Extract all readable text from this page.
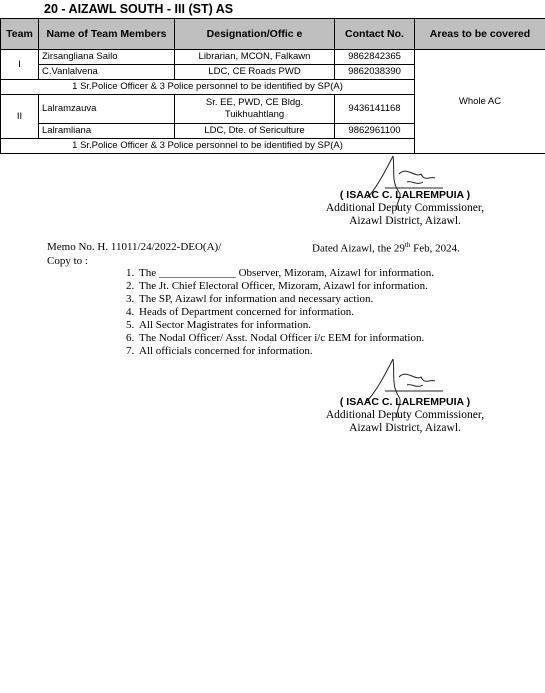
20 - AIZAWL SOUTH - III (ST) AS
Team	Name of Team Members	Designation/Offic e	Contact No.	Areas to be covered
I	Zirsangliana Sailo	Librarian, MCON, Falkawn	9862842365	Whole AC
	C.Vanlalvena	LDC, CE Roads PWD	9862038390	
1 Sr.Police Officer & 3 Police personnel to be identified by SP(A)				
II	Lalramzauva	Sr. EE, PWD, CE Bldg. Tuikhuahtlang	9436141168	
	Lalramliana	LDC, Dte. of Sericulture	9862961100	
1 Sr.Police Officer & 3 Police personnel to be identified by SP(A)				
( ISAAC C. LALREMPUIA )
Additional Deputy Commissioner,
Aizawl District, Aizawl.
Memo No. H. 11011/24/2022-DEO(A)/	Dated Aizawl, the 29th Feb, 2024.
Copy to :
1. The ______________ Observer, Mizoram, Aizawl for information.
2. The Jt. Chief Electoral Officer, Mizoram, Aizawl for information.
3. The SP, Aizawl for information and necessary action.
4. Heads of Department concerned for information.
5. All Sector Magistrates for information.
6. The Nodal Officer/ Asst. Nodal Officer i/c EEM for information.
7. All officials concerned for information.
( ISAAC C. LALREMPUIA )
Additional Deputy Commissioner,
Aizawl District, Aizawl.
